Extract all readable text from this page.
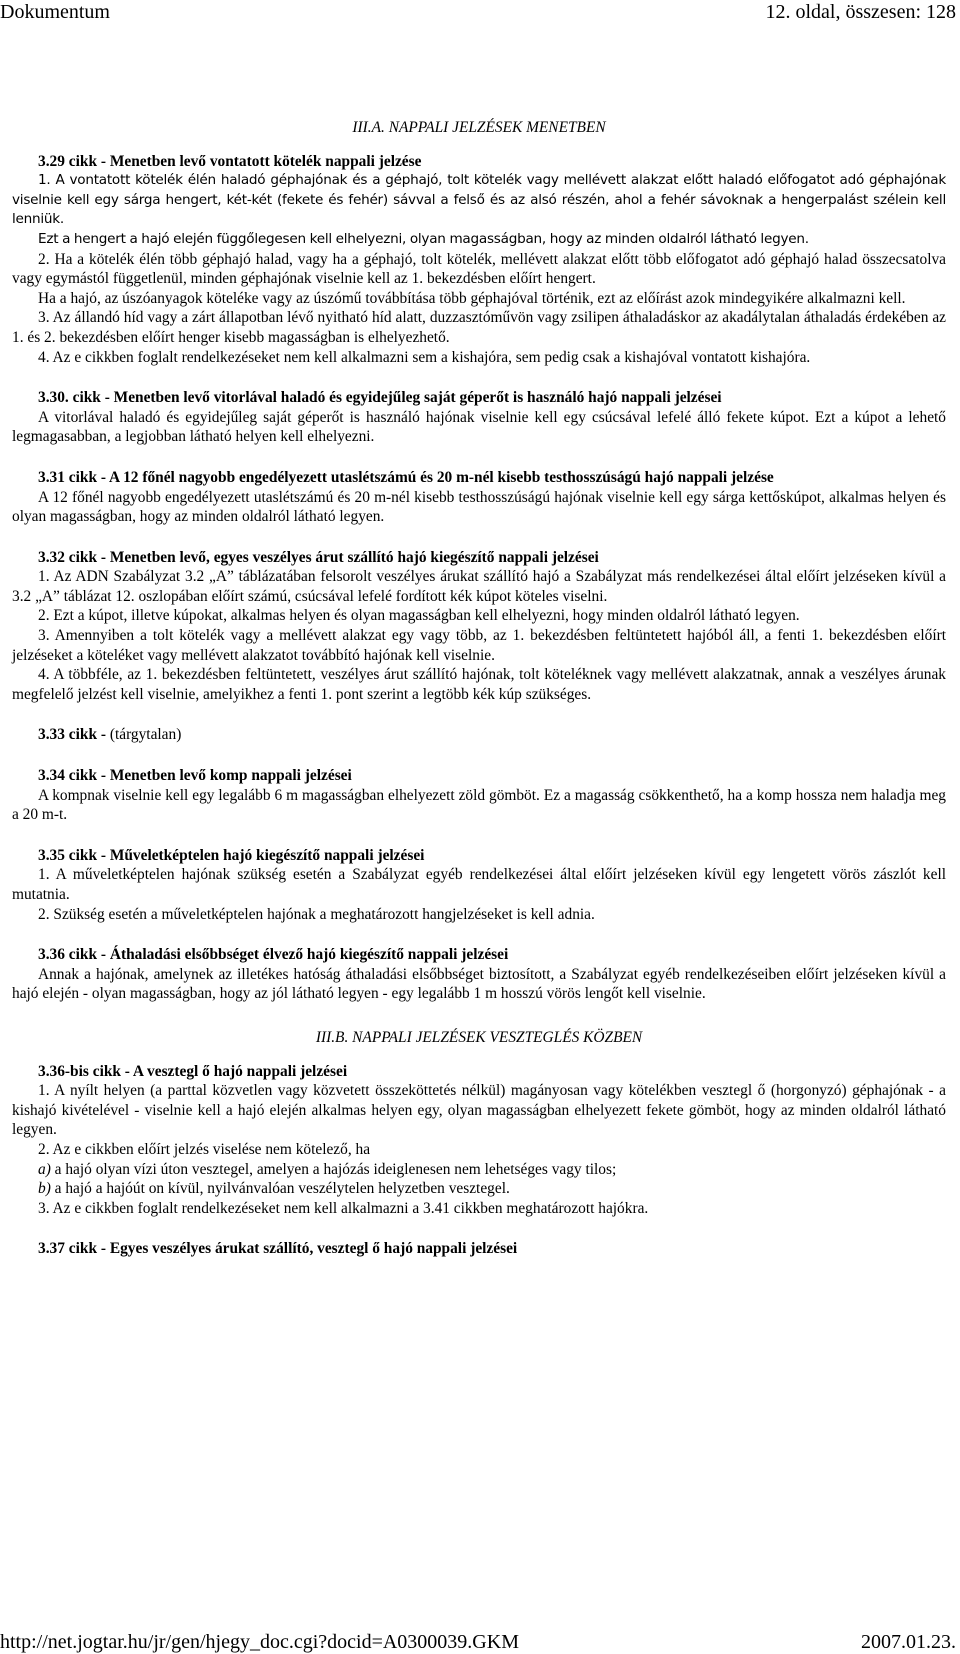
Dokumentum	12. oldal, összesen: 128

III.A. NAPPALI JELZÉSEK MENETBEN

3.29 cikk - Menetben levő vontatott kötelék nappali jelzése

1. A vontatott kötelék élén haladó géphajónak és a géphajó, tolt kötelék vagy mellévett alakzat előtt haladó előfogatot adó géphajónak viselnie kell egy sárga hengert, két-két (fekete és fehér) sávval a felső és az alsó részén, ahol a fehér sávoknak a hengerpalást szélein kell lenniük.

Ezt a hengert a hajó elején függőlegesen kell elhelyezni, olyan magasságban, hogy az minden oldalról látható legyen.

2. Ha a kötelék élén több géphajó halad, vagy ha a géphajó, tolt kötelék, mellévett alakzat előtt több előfogatot adó géphajó halad összecsatolva vagy egymástól függetlenül, minden géphajónak viselnie kell az 1. bekezdésben előírt hengert.

Ha a hajó, az úszóanyagok köteléke vagy az úszómű továbbítása több géphajóval történik, ezt az előírást azok mindegyikére alkalmazni kell.

3. Az állandó híd vagy a zárt állapotban lévő nyitható híd alatt, duzzasztóművön vagy zsilipen áthaladáskor az akadálytalan áthaladás érdekében az 1. és 2. bekezdésben előírt henger kisebb magasságban is elhelyezhető.

4. Az e cikkben foglalt rendelkezéseket nem kell alkalmazni sem a kishajóra, sem pedig csak a kishajóval vontatott kishajóra.

3.30. cikk - Menetben levő vitorlával haladó és egyidejűleg saját géperőt is használó hajó nappali jelzései

A vitorlával haladó és egyidejűleg saját géperőt is használó hajónak viselnie kell egy csúcsával lefelé álló fekete kúpot. Ezt a kúpot a lehető legmagasabban, a legjobban látható helyen kell elhelyezni.

3.31 cikk - A 12 főnél nagyobb engedélyezett utaslétszámú és 20 m-nél kisebb testhosszúságú hajó nappali jelzése

A 12 főnél nagyobb engedélyezett utaslétszámú és 20 m-nél kisebb testhosszúságú hajónak viselnie kell egy sárga kettőskúpot, alkalmas helyen és olyan magasságban, hogy az minden oldalról látható legyen.

3.32 cikk - Menetben levő, egyes veszélyes árut szállító hajó kiegészítő nappali jelzései

1. Az ADN Szabályzat 3.2 „A” táblázatában felsorolt veszélyes árukat szállító hajó a Szabályzat más rendelkezései által előírt jelzéseken kívül a 3.2 „A” táblázat 12. oszlopában előírt számú, csúcsával lefelé fordított kék kúpot köteles viselni.

2. Ezt a kúpot, illetve kúpokat, alkalmas helyen és olyan magasságban kell elhelyezni, hogy minden oldalról látható legyen.

3. Amennyiben a tolt kötelék vagy a mellévett alakzat egy vagy több, az 1. bekezdésben feltüntetett hajóból áll, a fenti 1. bekezdésben előírt jelzéseket a köteléket vagy mellévett alakzatot továbbító hajónak kell viselnie.

4. A többféle, az 1. bekezdésben feltüntetett, veszélyes árut szállító hajónak, tolt köteléknek vagy mellévett alakzatnak, annak a veszélyes árunak megfelelő jelzést kell viselnie, amelyikhez a fenti 1. pont szerint a legtöbb kék kúp szükséges.

3.33 cikk - (tárgytalan)

3.34 cikk - Menetben levő komp nappali jelzései

A kompnak viselnie kell egy legalább 6 m magasságban elhelyezett zöld gömböt. Ez a magasság csökkenthető, ha a komp hossza nem haladja meg a 20 m-t.

3.35 cikk - Műveletképtelen hajó kiegészítő nappali jelzései

1. A műveletképtelen hajónak szükség esetén a Szabályzat egyéb rendelkezései által előírt jelzéseken kívül egy lengetett vörös zászlót kell mutatnia.

2. Szükség esetén a műveletképtelen hajónak a meghatározott hangjelzéseket is kell adnia.

3.36 cikk - Áthaladási elsőbbséget élvező hajó kiegészítő nappali jelzései

Annak a hajónak, amelynek az illetékes hatóság áthaladási elsőbbséget biztosított, a Szabályzat egyéb rendelkezéseiben előírt jelzéseken kívül a hajó elején - olyan magasságban, hogy az jól látható legyen - egy legalább 1 m hosszú vörös lengőt kell viselnie.

III.B. NAPPALI JELZÉSEK VESZTEGLÉS KÖZBEN

3.36-bis cikk - A vesztegl ő hajó nappali jelzései

1. A nyílt helyen (a parttal közvetlen vagy közvetett összeköttetés nélkül) magányosan vagy kötelékben vesztegl ő (horgonyzó) géphajónak - a kishajó kivételével - viselnie kell a hajó elején alkalmas helyen egy, olyan magasságban elhelyezett fekete gömböt, hogy az minden oldalról látható legyen.

2. Az e cikkben előírt jelzés viselése nem kötelező, ha

a) a hajó olyan vízi úton vesztegel, amelyen a hajózás ideiglenesen nem lehetséges vagy tilos;

b) a hajó a hajóút on kívül, nyilvánvalóan veszélytelen helyzetben vesztegel.

3. Az e cikkben foglalt rendelkezéseket nem kell alkalmazni a 3.41 cikkben meghatározott hajókra.

3.37 cikk - Egyes veszélyes árukat szállító, vesztegl ő hajó nappali jelzései

http://net.jogtar.hu/jr/gen/hjegy_doc.cgi?docid=A0300039.GKM	2007.01.23.
